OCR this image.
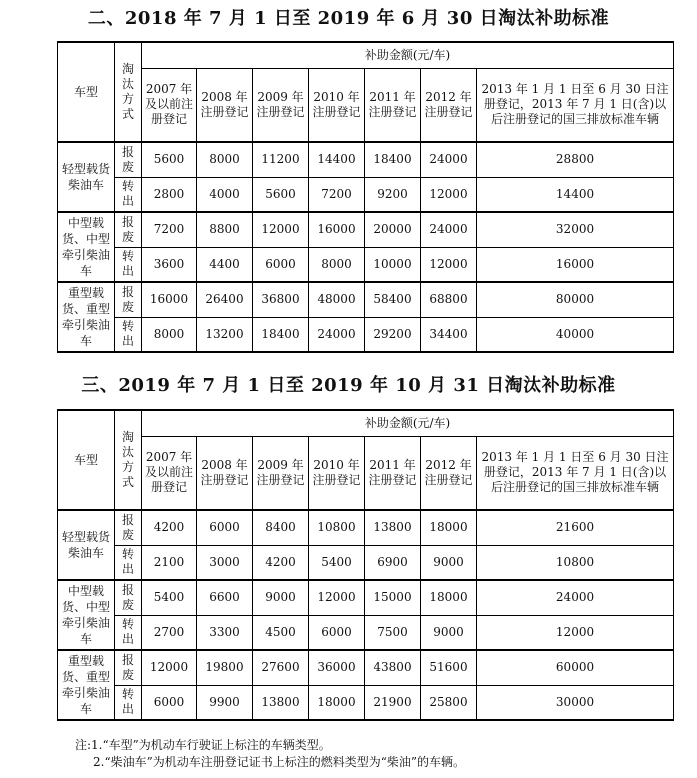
二、2018 年 7 月 1 日至 2019 年 6 月 30 日淘汰补助标准
车型	淘汰方式	补助金额(元/车)						
		2007 年及以前注册登记	2008 年注册登记	2009 年注册登记	2010 年注册登记	2011 年注册登记	2012 年注册登记	2013 年 1 月 1 日至 6 月 30 日注册登记，2013 年 7 月 1 日(含)以后注册登记的国三排放标准车辆
轻型载货柴油车	报废	5600	8000	11200	14400	18400	24000	28800
	转出	2800	4000	5600	7200	9200	12000	14400
中型载货、中型牵引柴油车	报废	7200	8800	12000	16000	20000	24000	32000
	转出	3600	4400	6000	8000	10000	12000	16000
重型载货、重型牵引柴油车	报废	16000	26400	36800	48000	58400	68800	80000
	转出	8000	13200	18400	24000	29200	34400	40000
三、2019 年 7 月 1 日至 2019 年 10 月 31 日淘汰补助标准
车型	淘汰方式	补助金额(元/车)						
		2007 年及以前注册登记	2008 年注册登记	2009 年注册登记	2010 年注册登记	2011 年注册登记	2012 年注册登记	2013 年 1 月 1 日至 6 月 30 日注册登记，2013 年 7 月 1 日(含)以后注册登记的国三排放标准车辆
轻型载货柴油车	报废	4200	6000	8400	10800	13800	18000	21600
	转出	2100	3000	4200	5400	6900	9000	10800
中型载货、中型牵引柴油车	报废	5400	6600	9000	12000	15000	18000	24000
	转出	2700	3300	4500	6000	7500	9000	12000
重型载货、重型牵引柴油车	报废	12000	19800	27600	36000	43800	51600	60000
	转出	6000	9900	13800	18000	21900	25800	30000
注:1.“车型”为机动车行驶证上标注的车辆类型。
2.“柴油车”为机动车注册登记证书上标注的燃料类型为“柴油”的车辆。
